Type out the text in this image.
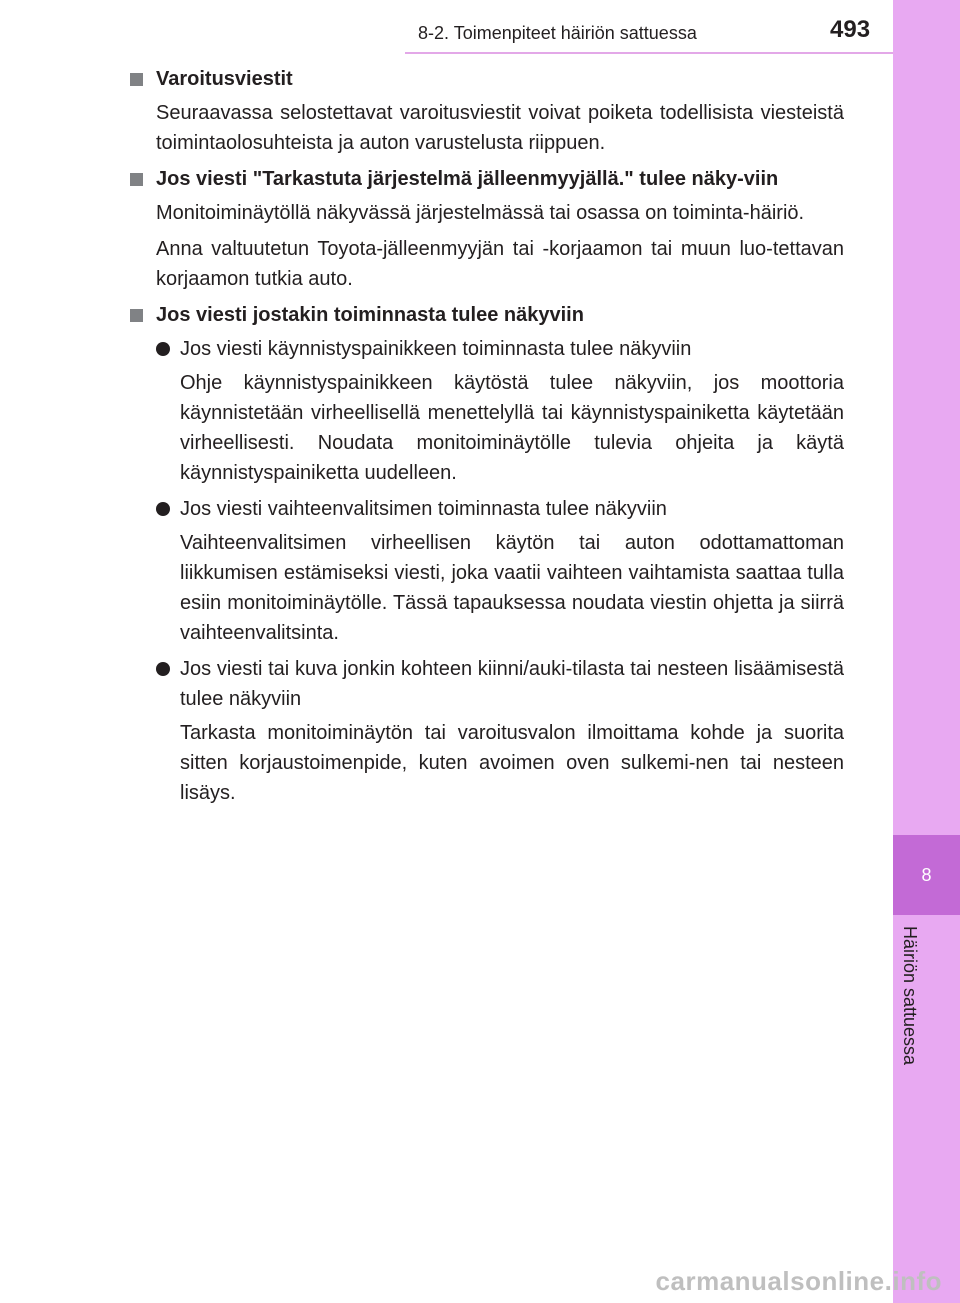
8-2. Toimenpiteet häiriön sattuessa	493
8
Häiriön sattuessa
Varoitusviestit

Seuraavassa selostettavat varoitusviestit voivat poiketa todellisista viesteistä toimintaolosuhteista ja auton varustelusta riippuen.

Jos viesti "Tarkastuta järjestelmä jälleenmyyjällä." tulee näky-viin

Monitoiminäytöllä näkyvässä järjestelmässä tai osassa on toiminta-häiriö.

Anna valtuutetun Toyota-jälleenmyyjän tai -korjaamon tai muun luo-tettavan korjaamon tutkia auto.

Jos viesti jostakin toiminnasta tulee näkyviin
Jos viesti käynnistyspainikkeen toiminnasta tulee näkyviin

Ohje käynnistyspainikkeen käytöstä tulee näkyviin, jos moottoria käynnistetään virheellisellä menettelyllä tai käynnistyspainiketta käytetään virheellisesti. Noudata monitoiminäytölle tulevia ohjeita ja käytä käynnistyspainiketta uudelleen.

Jos viesti vaihteenvalitsimen toiminnasta tulee näkyviin

Vaihteenvalitsimen virheellisen käytön tai auton odottamattoman liikkumisen estämiseksi viesti, joka vaatii vaihteen vaihtamista saattaa tulla esiin monitoiminäytölle. Tässä tapauksessa noudata viestin ohjetta ja siirrä vaihteenvalitsinta.

Jos viesti tai kuva jonkin kohteen kiinni/auki-tilasta tai nesteen lisäämisestä tulee näkyviin

Tarkasta monitoiminäytön tai varoitusvalon ilmoittama kohde ja suorita sitten korjaustoimenpide, kuten avoimen oven sulkemi-nen tai nesteen lisäys.

carmanualsonline.info
